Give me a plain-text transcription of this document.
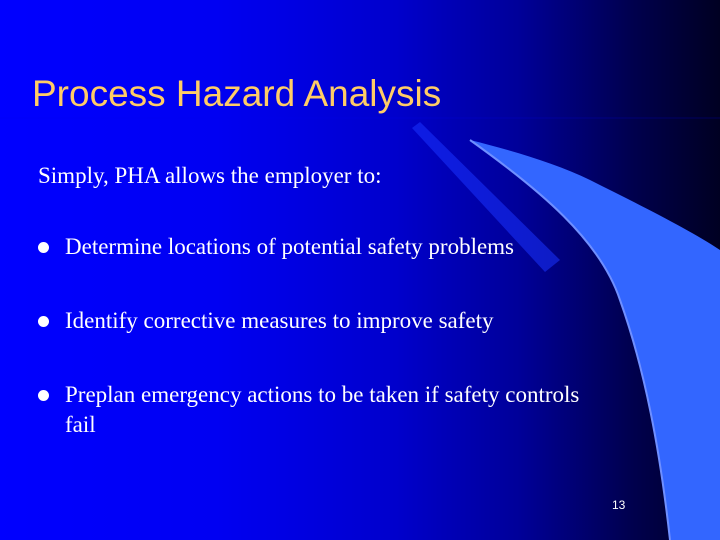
Process Hazard Analysis

Simply, PHA allows the employer to:

Determine locations of potential safety problems
Identify corrective measures to improve safety
Preplan emergency actions to be taken if safety controls fail
13
